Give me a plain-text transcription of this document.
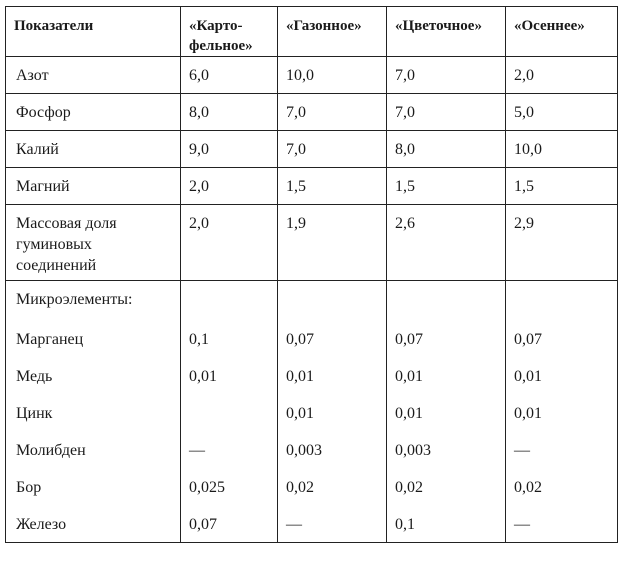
Показатели	«Карто-фельное»	«Газонное»	«Цветочное»	«Осеннее»
Азот	6,0	10,0	7,0	2,0
Фосфор	8,0	7,0	7,0	5,0
Калий	9,0	7,0	8,0	10,0
Магний	2,0	1,5	1,5	1,5
Массовая доля гуминовых соединений	2,0	1,9	2,6	2,9
Микроэлементы:				
Марганец	0,1	0,07	0,07	0,07
Медь	0,01	0,01	0,01	0,01
Цинк		0,01	0,01	0,01
Молибден	—	0,003	0,003	—
Бор	0,025	0,02	0,02	0,02
Железо	0,07	—	0,1	—
